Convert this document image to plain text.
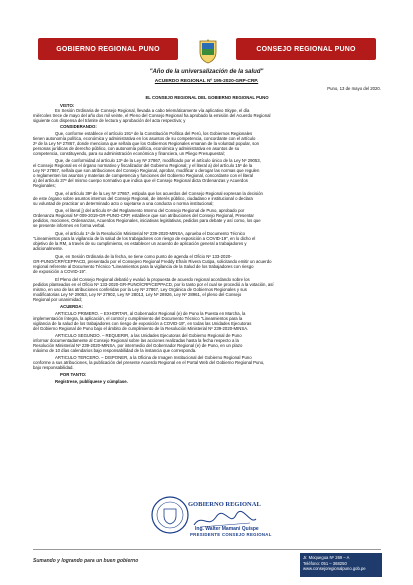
GOBIERNO REGIONAL PUNO	CONSEJO REGIONAL PUNO
"Año de la universalización de la salud"
ACUERDO REGIONAL Nº 195-2020-GRP-CRP.
Puno, 13 de mayo del 2020.
EL CONSEJO REGIONAL DEL GOBIERNO REGIONAL PUNO
VISTO:
En Sesión Ordinaria de Consejo Regional, llevada a cabo telemáticamente vía aplicativo Skype, el día
miércoles trece de mayo del año dos mil veinte, el Pleno del Consejo Regional ha aprobado la emisión del Acuerdo Regional
siguiente con dispensa del trámite de lectura y aprobación del acta respectiva; y
CONSIDERANDO:
Que, conforme establece el artículo 191º de la Constitución Política del Perú, los Gobiernos Regionales
tienen autonomía política, económica y administrativa en los asuntos de su competencia, concordante con el artículo
2º de la Ley Nº 27867, donde menciona que señala que los Gobiernos Regionales emanan de la voluntad popular, son
personas jurídicas de derecho público, con autonomía política, económica y administrativa en asuntos de su
competencia, constituyendo, para su administración económica y financiera, un Pliego Presupuestal;
Que, de conformidad al artículo 13º de la Ley Nº 27867, modificado por el artículo único de la Ley Nº 29053,
el Consejo Regional es el órgano normativo y fiscalizador del Gobierno Regional; y el literal a) del artículo 15º de la
Ley Nº 27867, señala que son atribuciones del Consejo Regional, aprobar, modificar o derogar las normas que regulen
o reglamenten los asuntos y materias de competencia y funciones del Gobierno Regional, concordante con el literal
a) del artículo 37º del mismo cuerpo normativo que indica que el Consejo Regional dicta Ordenanzas y Acuerdos
Regionales;
Que, el artículo 39º de la Ley Nº 27867, estipula que los acuerdos del Consejo Regional expresan la decisión
de este órgano sobre asuntos internos del Consejo Regional, de interés público, ciudadano e institucional o declara
su voluntad de practicar un determinado acto o sujetarse a una conducta o norma institucional;
Que, el literal j) del artículo 6º del Reglamento Interno del Consejo Regional de Puno, aprobado por
Ordenanza Regional Nº 009-2019-GR-PUNO-CRP, establece que son atribuciones del Consejo Regional, Presentar
pedidos, mociones, Ordenanzas, Acuerdos Regionales, iniciativas legislativas, pedidos para debate y así como, los que
se presente informes en forma verbal.
Que, el artículo 1º de la Resolución Ministerial Nº 239-2020-MINSA, aprueba el Documento Técnico
"Lineamientos para la vigilancia de la salud de los trabajadores con riesgo de exposición a COVID-19", en lo dicho el
objetivo de la RM, a través de su cumplimiento, es establecer un acuerdo de aplicación general a trabajadores y
adicionalmente.
Que, en Sesión Ordinaria de la fecha, se tiene como punto de agenda el Oficio Nº 133-2020-
GR-PUNO/CRP/CEPPACD, presentado por el Consejero Regional Freddy Efraín Rivera Cutipa, solicitando emitir un acuerdo
regional referente al Documento Técnico "Lineamientos para la vigilancia de la Salud de los trabajadores con riesgo
de exposición a COVID-19".
El Pleno del Consejo Regional debatió y evaluó la propuesta de acuerdo regional acordando sobre los
pedidos planteados en el Oficio Nº 133-2020-GR-PUNO/CRP/CEPPACD, por lo tanto por el cual se procedió a la votación, así
mismo, en uso de las atribuciones conferidas por la Ley Nº 27867, Ley Orgánica de Gobiernos Regionales y sus
modificatorias Ley Nº 29053, Ley Nº 27902, Ley Nº 28013, Ley Nº 28926, Ley Nº 28961, el pleno del Consejo
Regional por unanimidad;
ACUERDA:
ARTICULO PRIMERO. – EXHORTAR, al Gobernador Regional (e) de Puno la Puesta en Marcha, la
implementación íntegra, la aplicación, el control y cumplimiento del Documento Técnico "Lineamientos para la
vigilancia de la salud de los trabajadores con riesgo de exposición a COVID-19", en todas las Unidades Ejecutoras
del Gobierno Regional de Puno bajo el ámbito de cumplimiento de la Resolución Ministerial Nº 239-2020-MINSA.
ARTICULO SEGUNDO. – REQUERIR, a las Unidades Ejecutoras del Gobierno Regional de Puno
informar documentadamente al Consejo Regional sobre las acciones realizadas hasta la fecha respecto a la
Resolución Ministerial Nº 239-2020-MINSA, por intermedio del Gobernador Regional (e) de Puno, en un plazo
máximo de 10 días calendarios bajo responsabilidad de la instancia que corresponda.
ARTICULO TERCERO. – DISPONER, a la Oficina de Imagen Institucional del Gobierno Regional Puno
conforme a sus atribuciones, la publicación del presente Acuerdo Regional en el Portal Web del Gobierno Regional Puno,
bajo responsabilidad.
POR TANTO:
Regístrese, publíquese y cúmplase.
GOBIERNO REGIONAL
Ing. Walter Mamani Quispe
PRESIDENTE CONSEJO REGIONAL
Sumando y logrando para un buen gobierno
Jr. Moquegua Nº 269 – A
Teléfono: 051 – 368250
www.consejoregionalpuno.gob.pe
